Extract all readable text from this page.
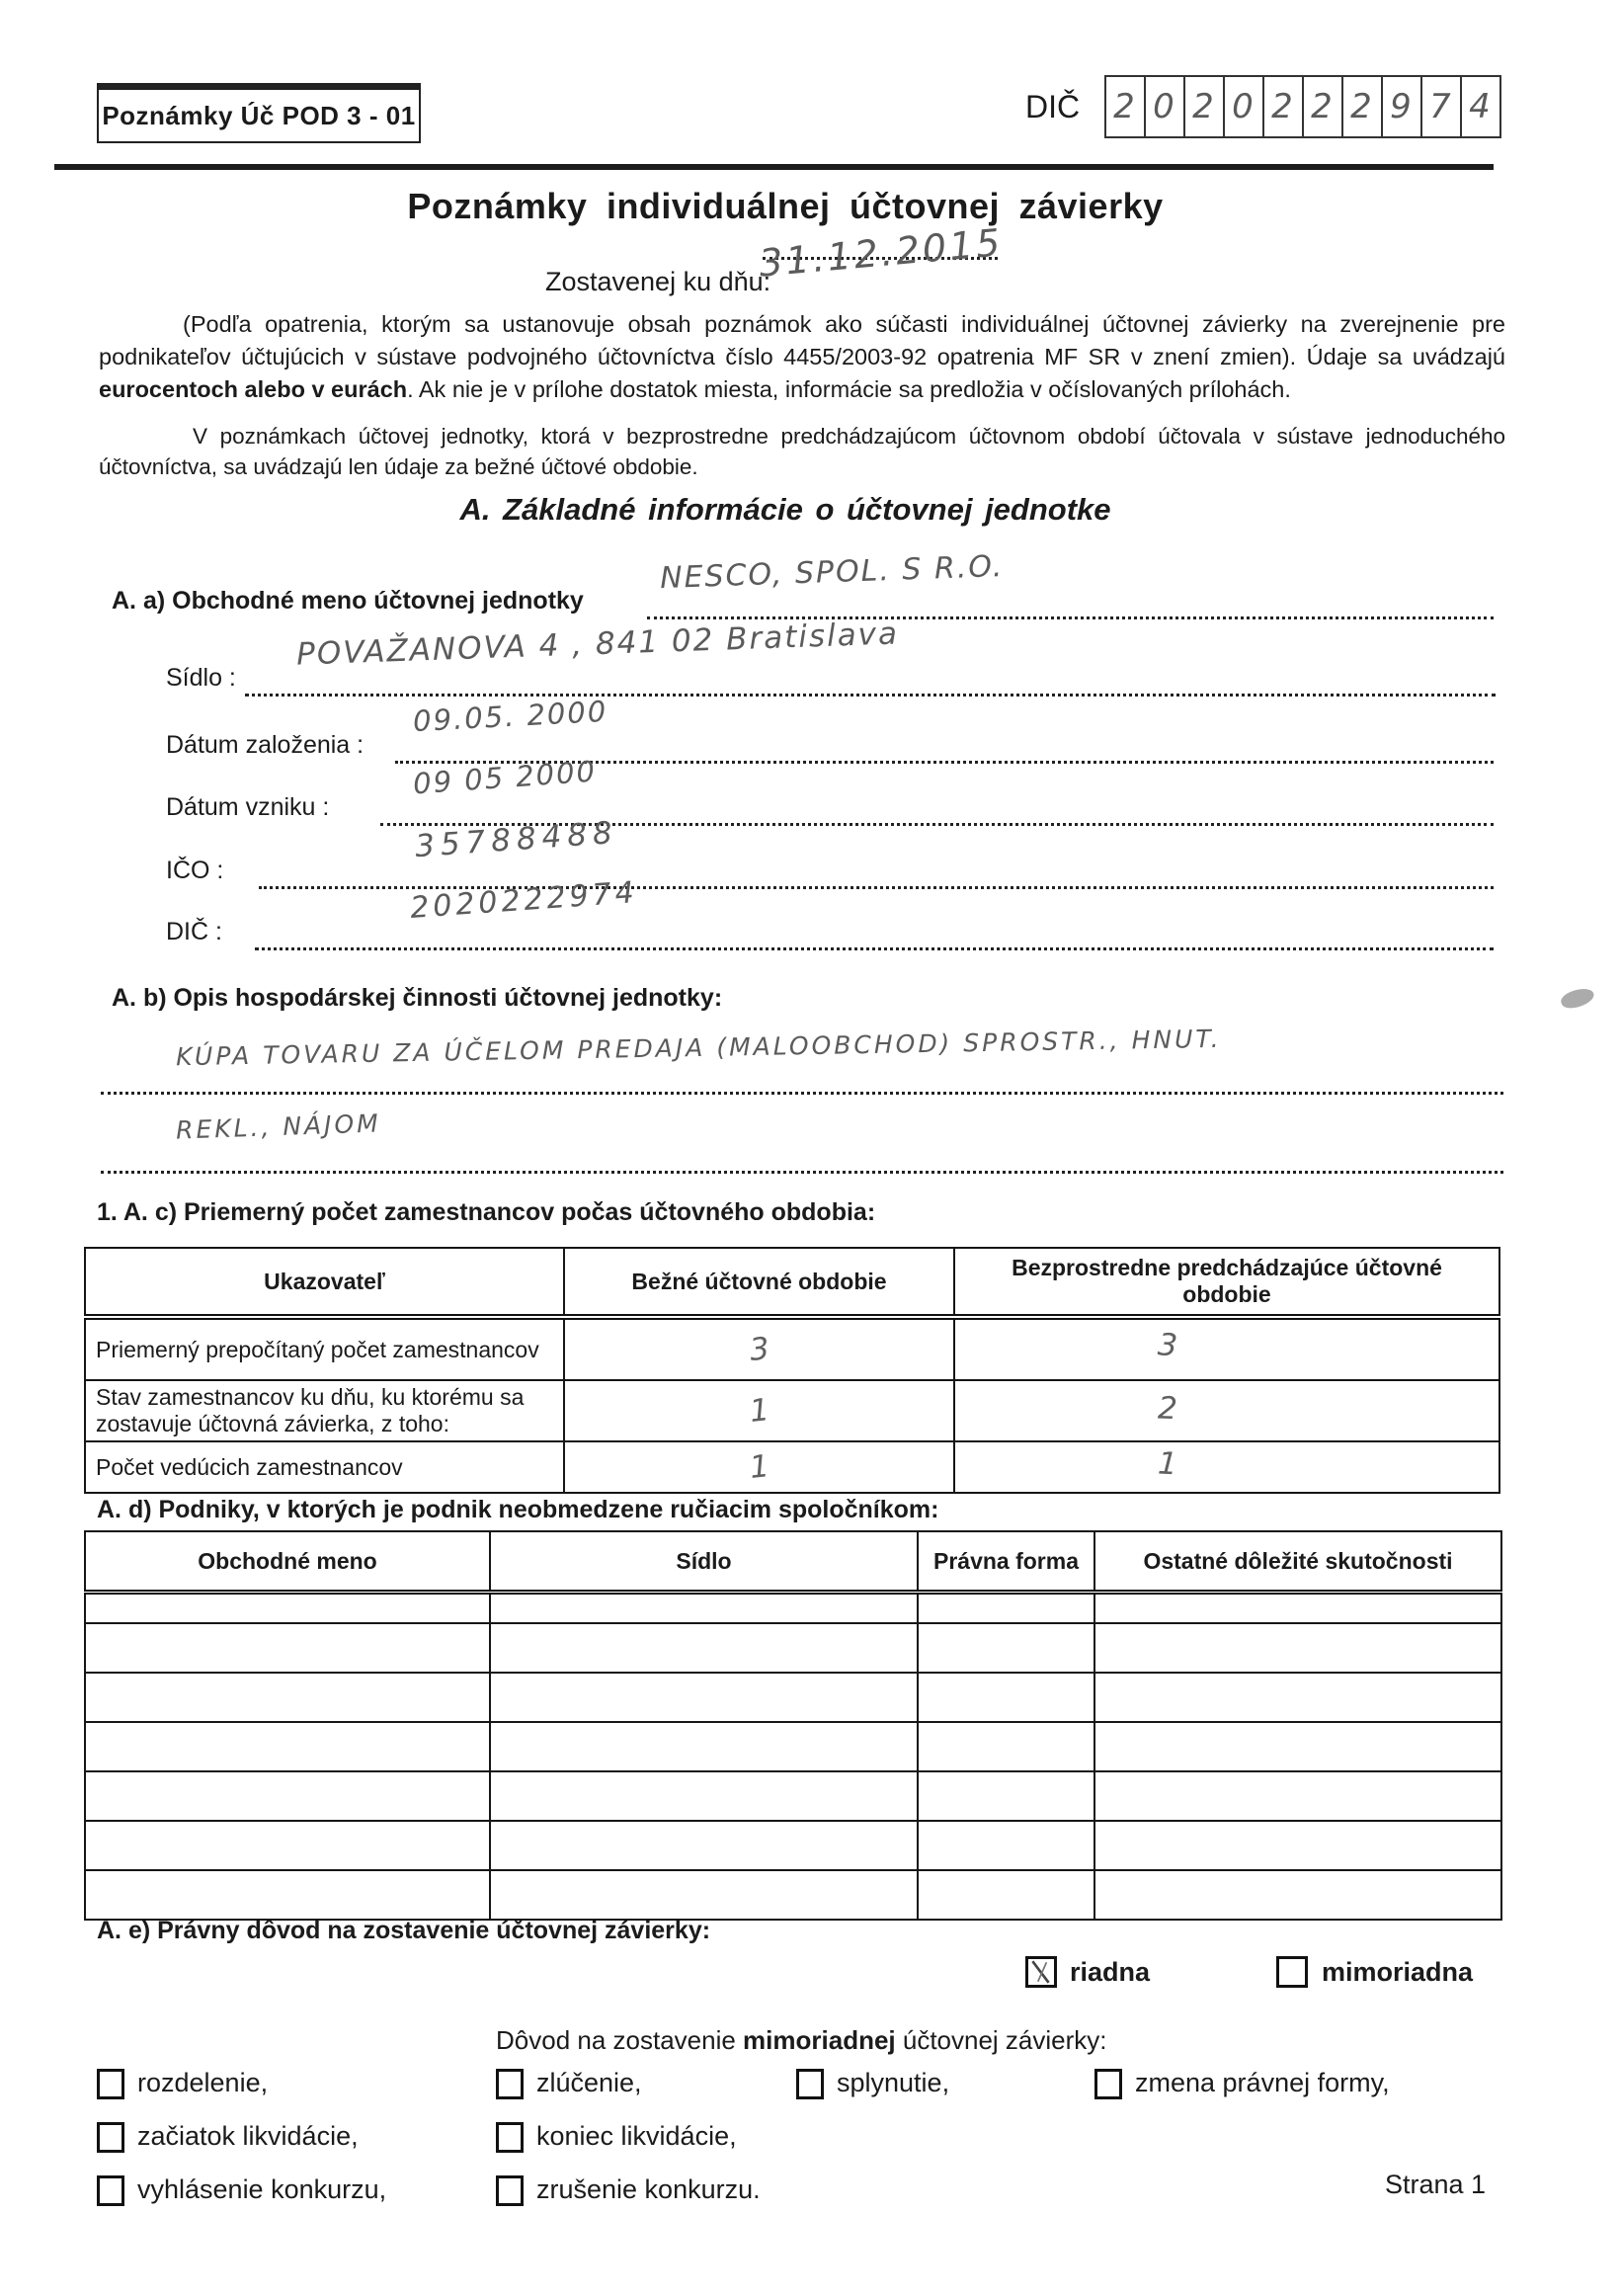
Poznámky Úč POD 3 - 01	DIČ 2 0 2 0 2 2 2 9 7 4
Poznámky individuálnej účtovnej závierky
Zostavenej ku dňu:
31.12.2015
(Podľa opatrenia, ktorým sa ustanovuje obsah poznámok ako súčasti individuálnej účtovnej závierky na zverejnenie pre podnikateľov účtujúcich v sústave podvojného účtovníctva číslo 4455/2003-92 opatrenia MF SR v znení zmien). Údaje sa uvádzajú eurocentoch alebo v eurách. Ak nie je v prílohe dostatok miesta, informácie sa predložia v očíslovaných prílohách.
V poznámkach účtovej jednotky, ktorá v bezprostredne predchádzajúcom účtovnom období účtovala v sústave jednoduchého účtovníctva, sa uvádzajú len údaje za bežné účtové obdobie.
A. Základné informácie o účtovnej jednotke
A. a) Obchodné meno účtovnej jednotky
NESCO, SPOL. S R.O.
Sídlo :
POVAŽANOVA 4 , 841 02 Bratislava
Dátum založenia :
09.05. 2000
Dátum vzniku :
09 05 2000
IČO :
35788488
DIČ :
2020222974
A. b) Opis hospodárskej činnosti účtovnej jednotky:
KÚPA TOVARU ZA ÚČELOM PREDAJA (MALOOBCHOD) SPROSTR., HNUT.
REKL., NÁJOM
1. A. c) Priemerný počet zamestnancov počas účtovného obdobia:
Ukazovateľ	Bežné účtovné obdobie	Bezprostredne predchádzajúce účtovné obdobie
Priemerný prepočítaný počet zamestnancov	3	3
Stav zamestnancov ku dňu, ku ktorému sa zostavuje účtovná závierka, z toho:	1	2
Počet vedúcich zamestnancov	1	1
A. d) Podniky, v ktorých je podnik neobmedzene ručiacim spoločníkom:
Obchodné meno	Sídlo	Právna forma	Ostatné dôležité skutočnosti

A. e) Právny dôvod na zostavenie účtovnej závierky:
riadna	mimoriadna
Dôvod na zostavenie mimoriadnej účtovnej závierky:
rozdelenie,
začiatok likvidácie,
vyhlásenie konkurzu,
zlúčenie,
koniec likvidácie,
zrušenie konkurzu.
splynutie,	zmena právnej formy,
Strana 1
